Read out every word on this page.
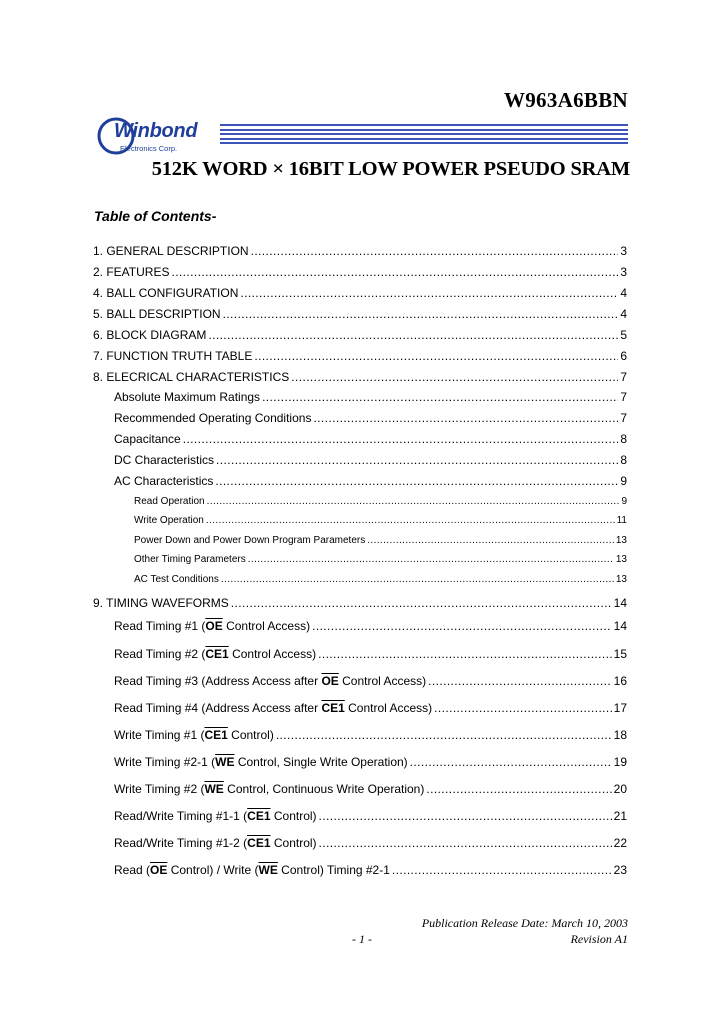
W963A6BBN
Winbond
Electronics Corp.
512K WORD × 16BIT LOW POWER PSEUDO SRAM
Table of Contents-
1. GENERAL DESCRIPTION .....	3
2. FEATURES .....	3
4. BALL CONFIGURATION .....	4
5. BALL DESCRIPTION .....	4
6. BLOCK DIAGRAM .....	5
7. FUNCTION TRUTH TABLE .....	6
8. ELECRICAL CHARACTERISTICS .....	7
Absolute Maximum Ratings .....	7
Recommended Operating Conditions .....	7
Capacitance .....	8
DC Characteristics .....	8
AC Characteristics .....	9
Read Operation .....	9
Write Operation .....	11
Power Down and Power Down Program Parameters .....	13
Other Timing Parameters .....	13
AC Test Conditions .....	13
9. TIMING WAVEFORMS .....	14
Read Timing #1 ($\overline{OE}$ Control Access) .....	14
Read Timing #2 (CE1 Control Access) .....	15
Read Timing #3 (Address Access after $\overline{OE}$ Control Access) .....	16
Read Timing #4 (Address Access after CE1 Control Access) .....	17
Write Timing #1 (CE1 Control) .....	18
Write Timing #2-1 ($\overline{WE}$ Control, Single Write Operation) .....	19
Write Timing #2 ($\overline{WE}$ Control, Continuous Write Operation) .....	20
Read/Write Timing #1-1 (CE1 Control) .....	21
Read/Write Timing #1-2 (CE1 Control) .....	22
Read ($\overline{OE}$ Control) / Write ($\overline{WE}$ Control) Timing #2-1 .....	23
Publication Release Date: March 10, 2003
- 1 -	Revision A1
